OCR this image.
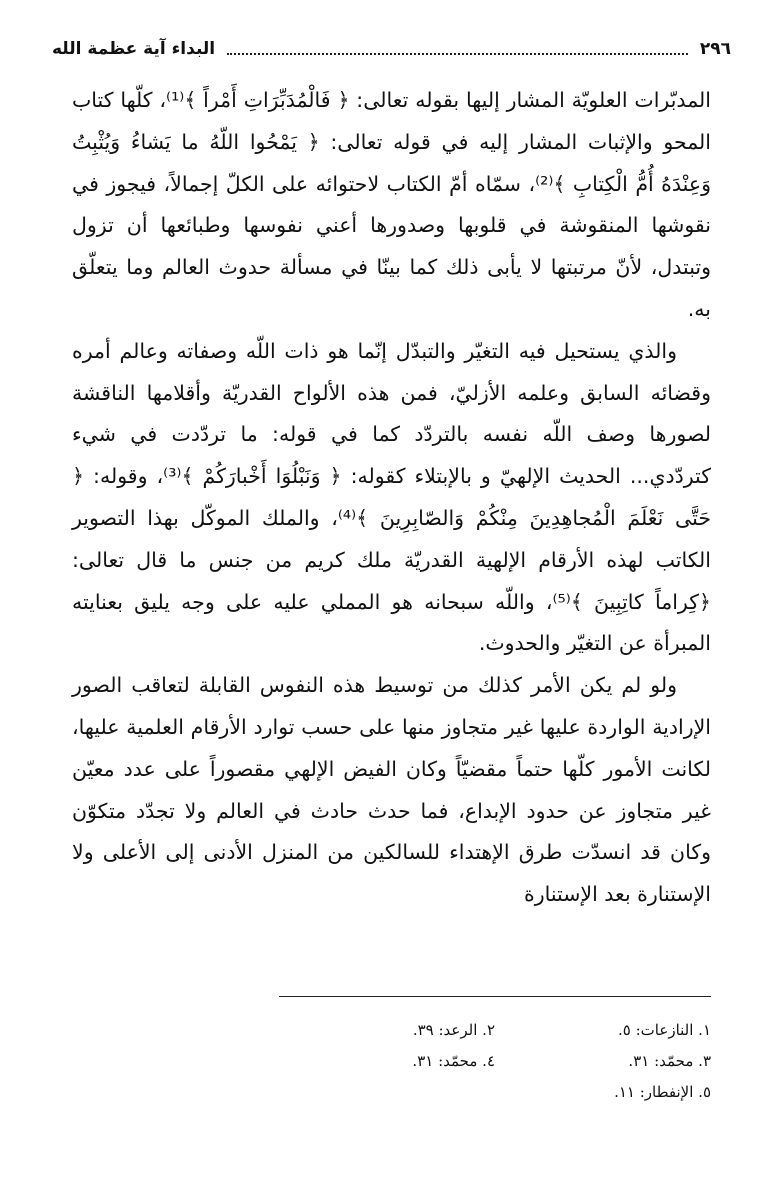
٢٩٦
البداء آية عظمة الله

المدبّرات العلويّة المشار إليها بقوله تعالى: ﴿ فَالْمُدَبِّرَاتِ أَمْراً ﴾⁽¹⁾، كلّها كتاب المحو والإثبات المشار إليه في قوله تعالى: ﴿ يَمْحُوا اللّهُ ما يَشاءُ وَيُثْبِتُ وَعِنْدَهُ أُمُّ الْكِتابِ ﴾⁽²⁾، سمّاه أمّ الكتاب لاحتوائه على الكلّ إجمالاً، فيجوز في نقوشها المنقوشة في قلوبها وصدورها أعني نفوسها وطبائعها أن تزول وتبتدل، لأنّ مرتبتها لا يأبى ذلك كما بينّا في مسألة حدوث العالم وما يتعلّق به.

والذي يستحيل فيه التغيّر والتبدّل إنّما هو ذات اللّه وصفاته وعالم أمره وقضائه السابق وعلمه الأزليّ، فمن هذه الألواح القدريّة وأقلامها الناقشة لصورها وصف اللّه نفسه بالتردّد كما في قوله: ما تردّدت في شيء كتردّدي... الحديث الإلهيّ و بالإبتلاء كقوله: ﴿ وَنَبْلُوَا أَخْبارَكُمْ ﴾⁽³⁾، وقوله: ﴿ حَتَّى نَعْلَمَ الْمُجاهِدِينَ مِنْكُمْ وَالصّابِرِينَ ﴾⁽⁴⁾، والملك الموكّل بهذا التصوير الكاتب لهذه الأرقام الإلهية القدريّة ملك كريم من جنس ما قال تعالى: ﴿كِراماً كاتِبِينَ ﴾⁽⁵⁾، واللّه سبحانه هو المملي عليه على وجه يليق بعنايته المبرأة عن التغيّر والحدوث.

ولو لم يكن الأمر كذلك من توسيط هذه النفوس القابلة لتعاقب الصور الإرادية الواردة عليها غير متجاوز منها على حسب توارد الأرقام العلمية عليها، لكانت الأمور كلّها حتماً مقضيّاً وكان الفيض الإلهي مقصوراً على عدد معيّن غير متجاوز عن حدود الإبداع، فما حدث حادث في العالم ولا تجدّد متكوّن وكان قد انسدّت طرق الإهتداء للسالكين من المنزل الأدنى إلى الأعلى ولا الإستنارة بعد الإستنارة

١. النازعات: ٥.
٢. الرعد: ٣٩.
٣. محمّد: ٣١.
٤. محمّد: ٣١.
٥. الإنفطار: ١١.
